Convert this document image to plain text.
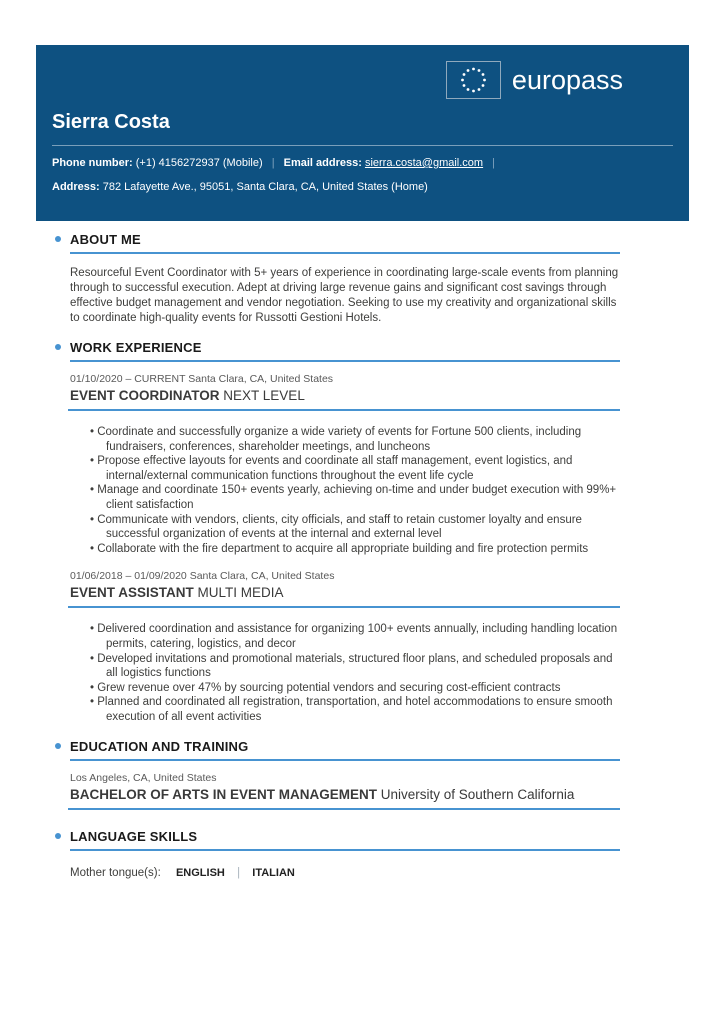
europass
Sierra Costa
Phone number: (+1) 4156272937 (Mobile) | Email address: sierra.costa@gmail.com |
Address: 782 Lafayette Ave., 95051, Santa Clara, CA, United States (Home)
ABOUT ME

Resourceful Event Coordinator with 5+ years of experience in coordinating large-scale events from planning through to successful execution. Adept at driving large revenue gains and significant cost savings through effective budget management and vendor negotiation. Seeking to use my creativity and organizational skills to coordinate high-quality events for Russotti Gestioni Hotels.

WORK EXPERIENCE
01/10/2020 – CURRENT Santa Clara, CA, United States
EVENT COORDINATOR NEXT LEVEL
• Coordinate and successfully organize a wide variety of events for Fortune 500 clients, including fundraisers, conferences, shareholder meetings, and luncheons
• Propose effective layouts for events and coordinate all staff management, event logistics, and internal/external communication functions throughout the event life cycle
• Manage and coordinate 150+ events yearly, achieving on-time and under budget execution with 99%+ client satisfaction
• Communicate with vendors, clients, city officials, and staff to retain customer loyalty and ensure successful organization of events at the internal and external level
• Collaborate with the fire department to acquire all appropriate building and fire protection permits
01/06/2018 – 01/09/2020 Santa Clara, CA, United States
EVENT ASSISTANT MULTI MEDIA
• Delivered coordination and assistance for organizing 100+ events annually, including handling location permits, catering, logistics, and decor
• Developed invitations and promotional materials, structured floor plans, and scheduled proposals and all logistics functions
• Grew revenue over 47% by sourcing potential vendors and securing cost-efficient contracts
• Planned and coordinated all registration, transportation, and hotel accommodations to ensure smooth execution of all event activities
EDUCATION AND TRAINING
Los Angeles, CA, United States
BACHELOR OF ARTS IN EVENT MANAGEMENT University of Southern California
LANGUAGE SKILLS
Mother tongue(s): ENGLISH | ITALIAN
